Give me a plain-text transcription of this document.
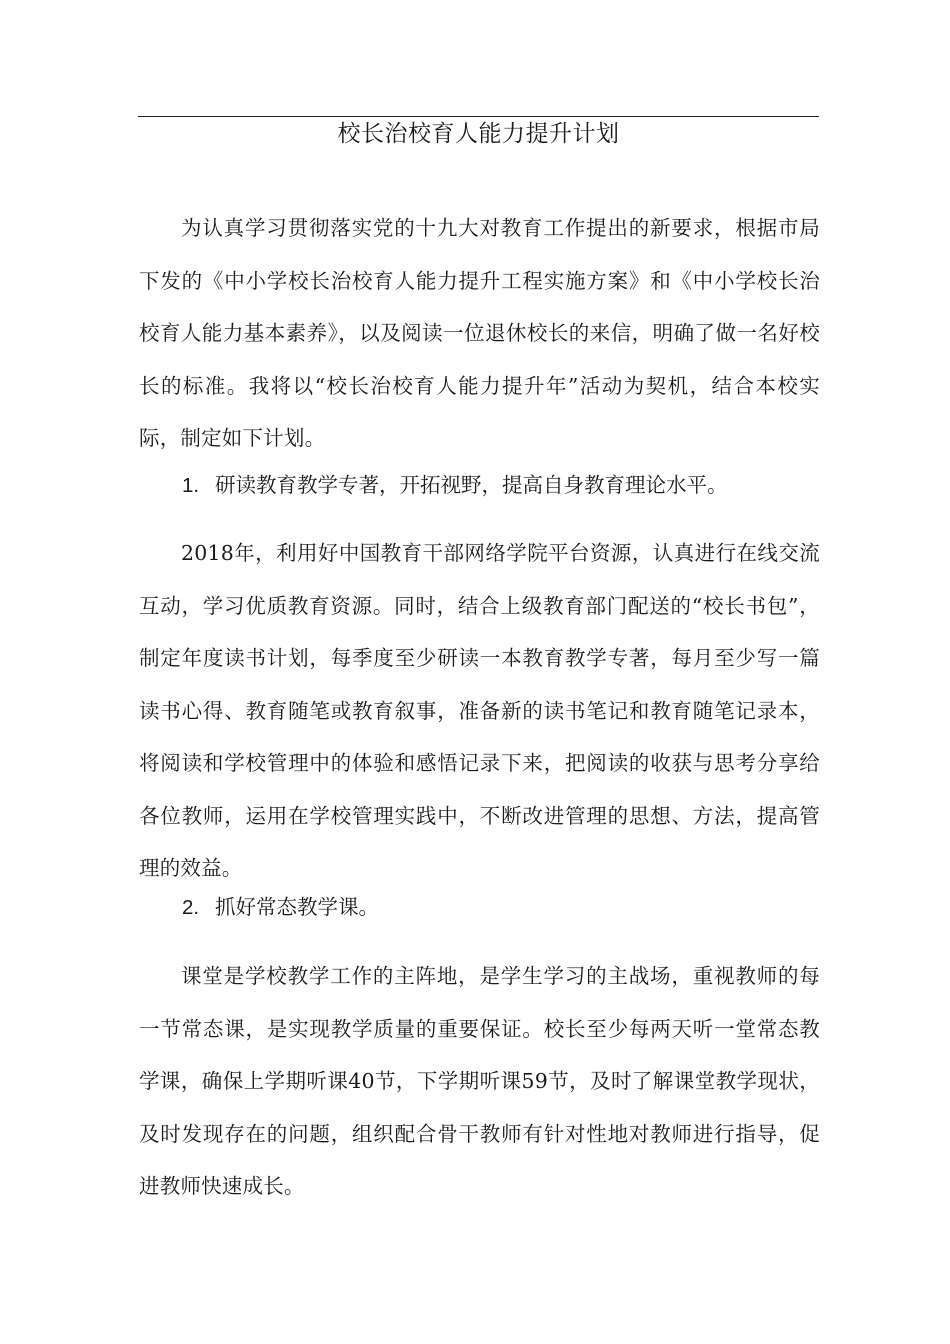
校长治校育人能力提升计划
为认真学习贯彻落实党的十九大对教育工作提出的新要求，根据市局下发的《中小学校长治校育人能力提升工程实施方案》和《中小学校长治校育人能力基本素养》，以及阅读一位退休校长的来信，明确了做一名好校长的标准。我将以“校长治校育人能力提升年”活动为契机，结合本校实际，制定如下计划。
1. 研读教育教学专著，开拓视野，提高自身教育理论水平。
2018年，利用好中国教育干部网络学院平台资源，认真进行在线交流互动，学习优质教育资源。同时，结合上级教育部门配送的“校长书包”，制定年度读书计划，每季度至少研读一本教育教学专著，每月至少写一篇读书心得、教育随笔或教育叙事，准备新的读书笔记和教育随笔记录本，将阅读和学校管理中的体验和感悟记录下来，把阅读的收获与思考分享给各位教师，运用在学校管理实践中，不断改进管理的思想、方法，提高管理的效益。
2. 抓好常态教学课。
课堂是学校教学工作的主阵地，是学生学习的主战场，重视教师的每一节常态课，是实现教学质量的重要保证。校长至少每两天听一堂常态教学课，确保上学期听课40节，下学期听课59节，及时了解课堂教学现状，及时发现存在的问题，组织配合骨干教师有针对性地对教师进行指导，促进教师快速成长。
